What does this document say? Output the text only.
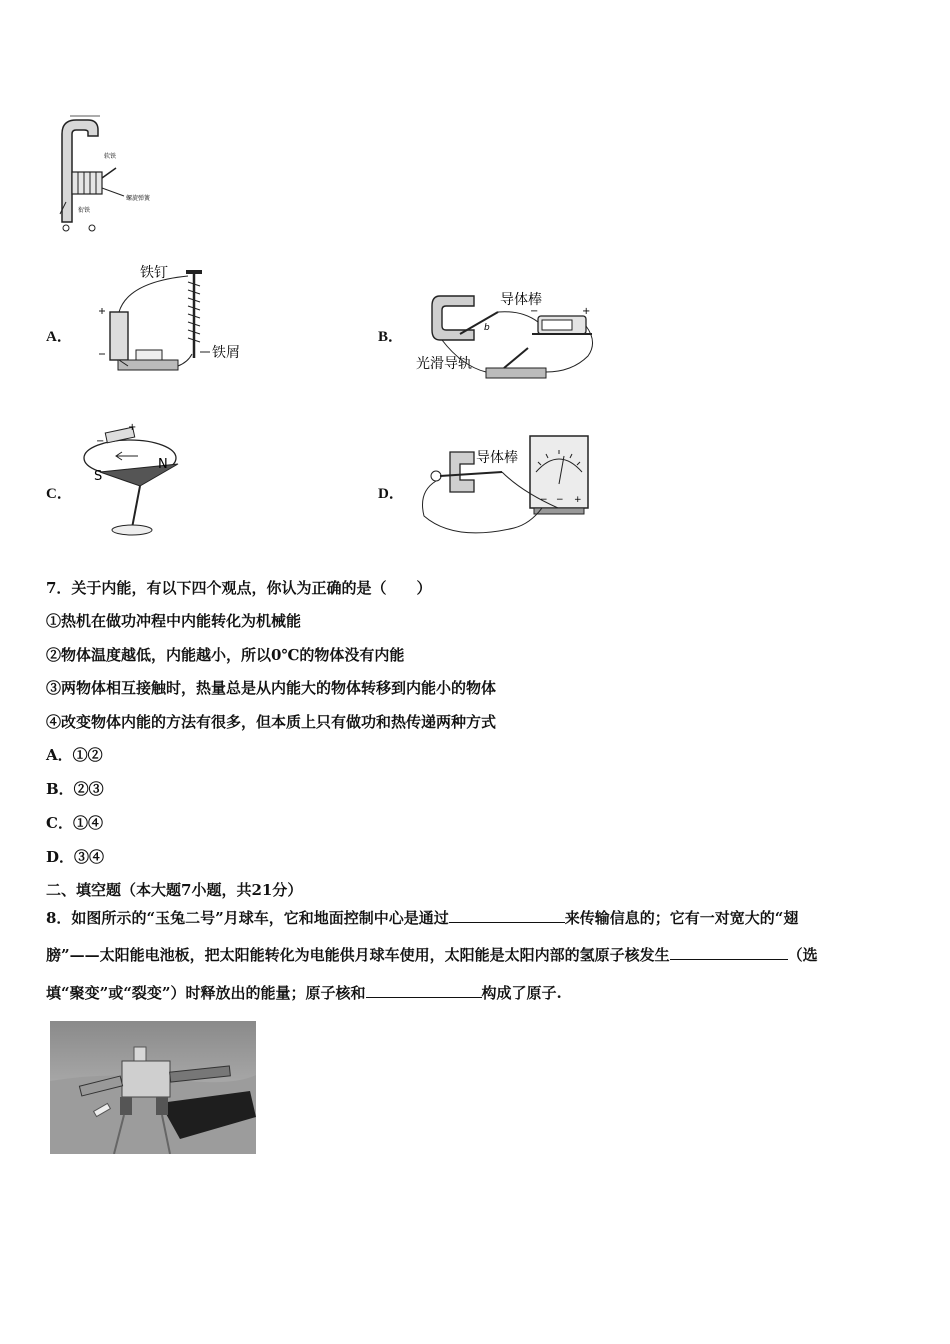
软铁
螺旋弹簧
衔铁
A．
铁钉
铁屑
B．
b
导体棒
−	+
光滑导轨
C．
+
−
S
N
D．
导体棒
− − +
7．关于内能，有以下四个观点，你认为正确的是（　　）
①热机在做功冲程中内能转化为机械能
②物体温度越低，内能越小，所以0℃的物体没有内能
③两物体相互接触时，热量总是从内能大的物体转移到内能小的物体
④改变物体内能的方法有很多，但本质上只有做功和热传递两种方式
A．①②
B．②③
C．①④
D．③④
二、填空题（本大题7小题，共21分）
8．如图所示的“玉兔二号”月球车，它和地面控制中心是通过	来传输信息的；它有一对宽大的“翅
膀”——太阳能电池板，把太阳能转化为电能供月球车使用，太阳能是太阳内部的氢原子核发生	（选
填“聚变”或“裂变”）时释放出的能量；原子核和	构成了原子.
